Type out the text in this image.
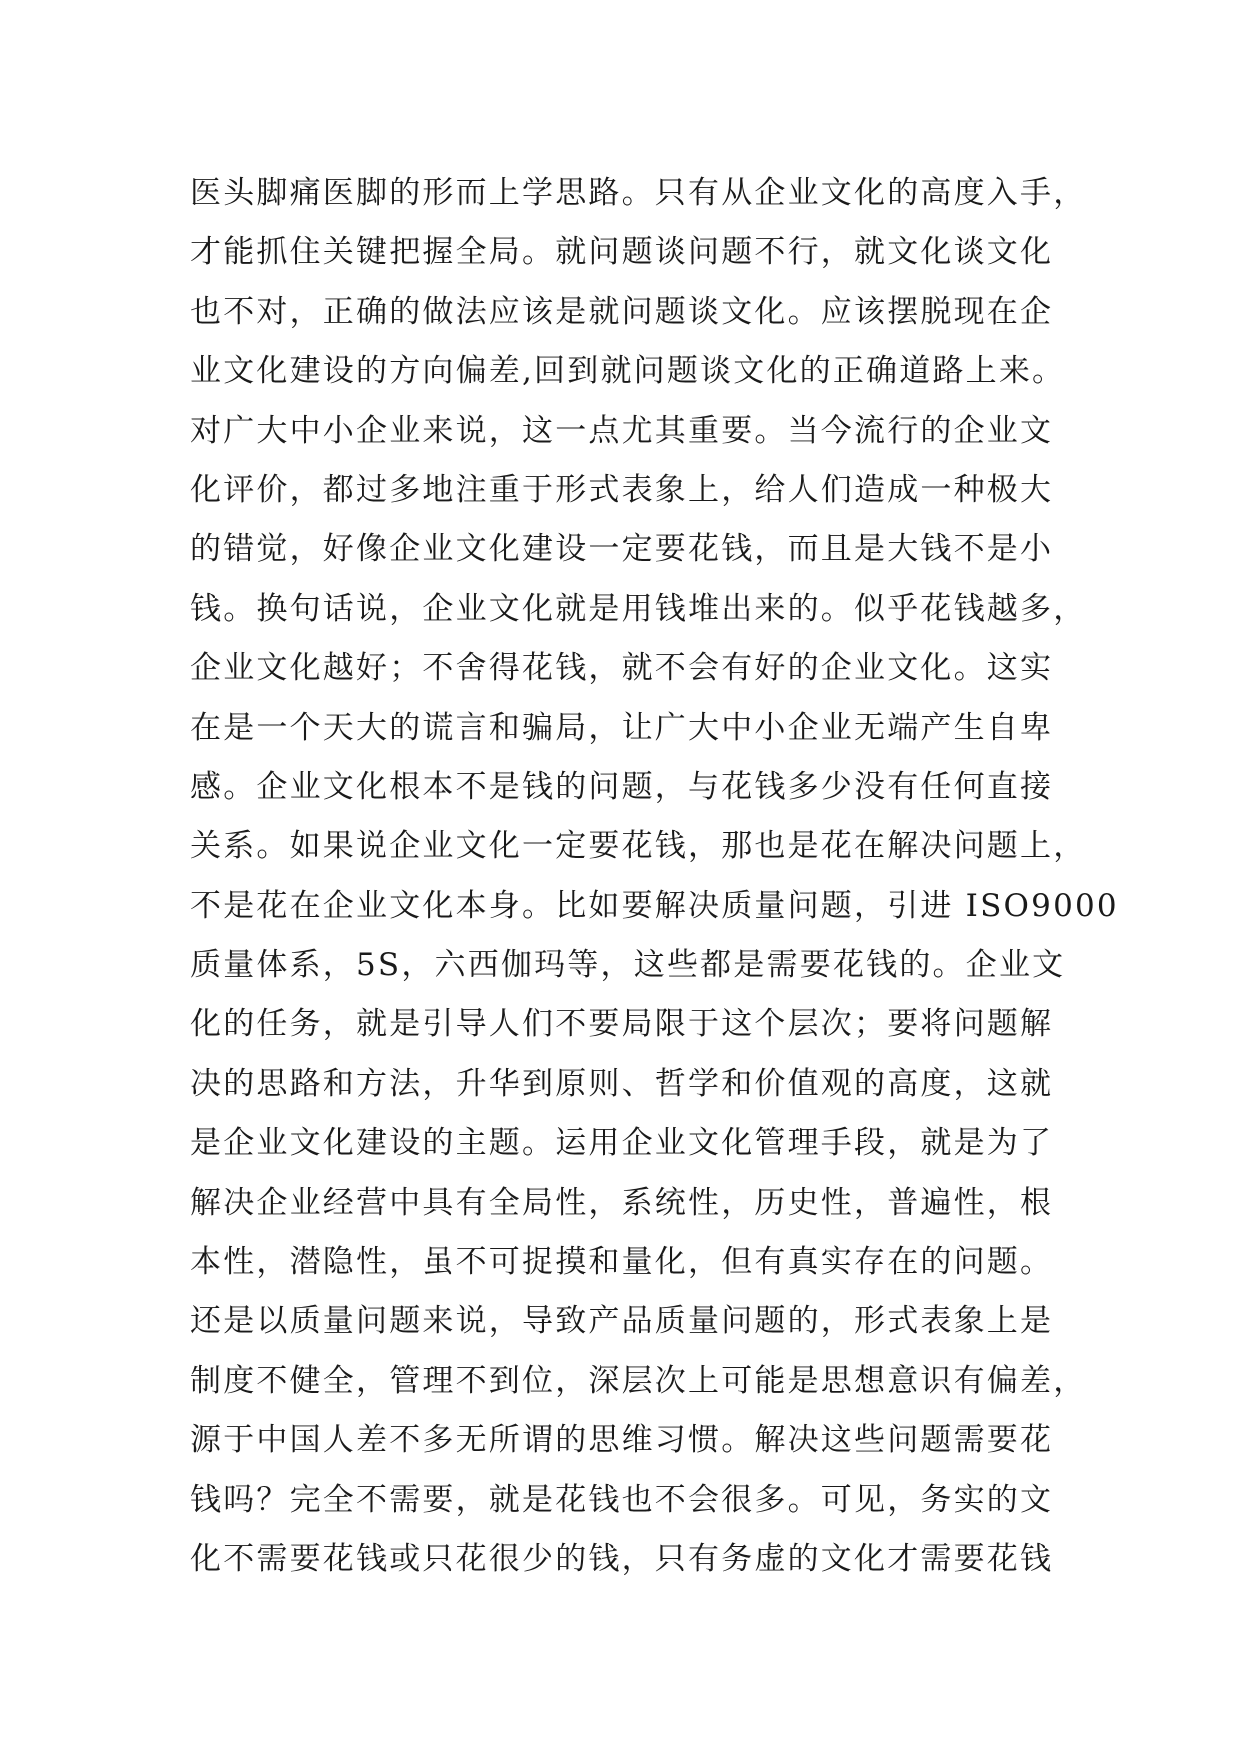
医头脚痛医脚的形而上学思路。只有从企业文化的高度入手，
才能抓住关键把握全局。就问题谈问题不行，就文化谈文化
也不对，正确的做法应该是就问题谈文化。应该摆脱现在企
业文化建设的方向偏差,回到就问题谈文化的正确道路上来。
对广大中小企业来说，这一点尤其重要。当今流行的企业文
化评价，都过多地注重于形式表象上，给人们造成一种极大
的错觉，好像企业文化建设一定要花钱，而且是大钱不是小
钱。换句话说，企业文化就是用钱堆出来的。似乎花钱越多，
企业文化越好；不舍得花钱，就不会有好的企业文化。这实
在是一个天大的谎言和骗局，让广大中小企业无端产生自卑
感。企业文化根本不是钱的问题，与花钱多少没有任何直接
关系。如果说企业文化一定要花钱，那也是花在解决问题上，
不是花在企业文化本身。比如要解决质量问题，引进 ISO9000
质量体系，5S，六西伽玛等，这些都是需要花钱的。企业文
化的任务，就是引导人们不要局限于这个层次；要将问题解
决的思路和方法，升华到原则、哲学和价值观的高度，这就
是企业文化建设的主题。运用企业文化管理手段，就是为了
解决企业经营中具有全局性，系统性，历史性，普遍性，根
本性，潜隐性，虽不可捉摸和量化，但有真实存在的问题。
还是以质量问题来说，导致产品质量问题的，形式表象上是
制度不健全，管理不到位，深层次上可能是思想意识有偏差，
源于中国人差不多无所谓的思维习惯。解决这些问题需要花
钱吗？完全不需要，就是花钱也不会很多。可见，务实的文
化不需要花钱或只花很少的钱，只有务虚的文化才需要花钱
